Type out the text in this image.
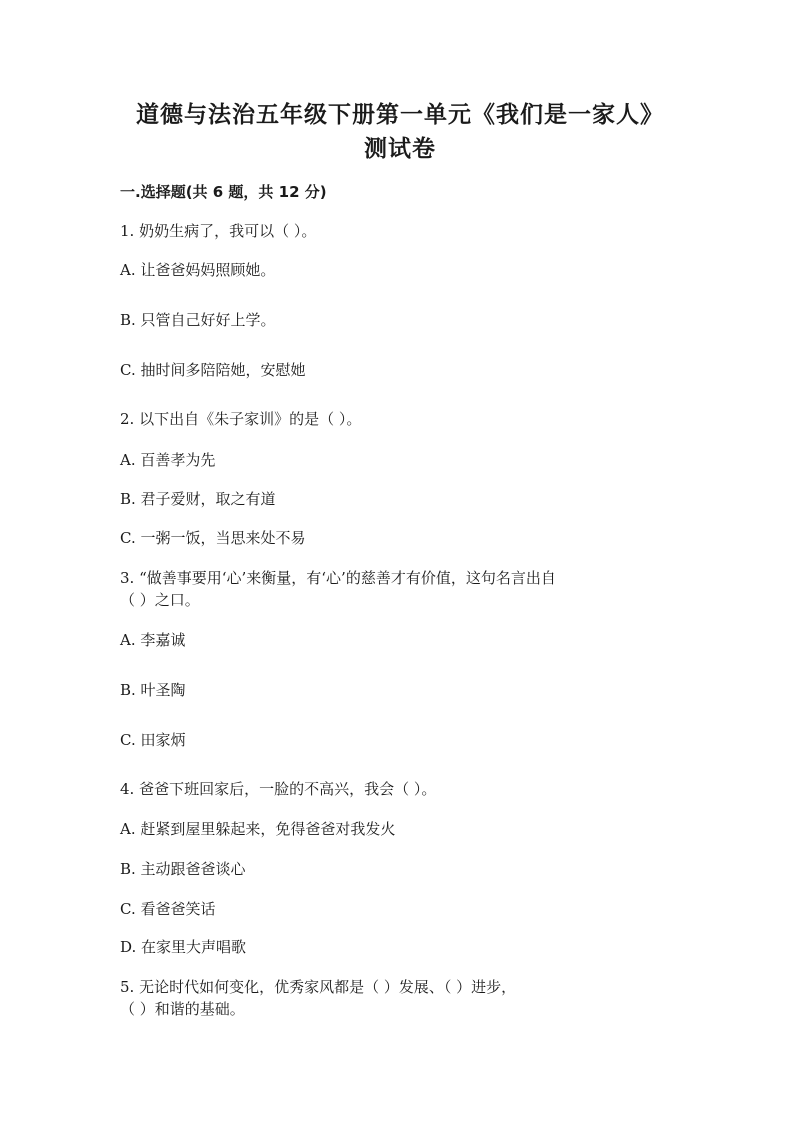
道德与法治五年级下册第一单元《我们是一家人》
测试卷
一.选择题(共 6 题，共 12 分)
1. 奶奶生病了，我可以（ ）。
A. 让爸爸妈妈照顾她。
B. 只管自己好好上学。
C. 抽时间多陪陪她，安慰她
2. 以下出自《朱子家训》的是（ ）。
A. 百善孝为先
B. 君子爱财，取之有道
C. 一粥一饭，当思来处不易
3. “做善事要用‘心’来衡量，有‘心’的慈善才有价值，这句名言出自
（ ）之口。
A. 李嘉诚
B. 叶圣陶
C. 田家炳
4. 爸爸下班回家后，一脸的不高兴，我会（ ）。
A. 赶紧到屋里躲起来，免得爸爸对我发火
B. 主动跟爸爸谈心
C. 看爸爸笑话
D. 在家里大声唱歌
5. 无论时代如何变化，优秀家风都是（ ）发展、（ ）进步，
（ ）和谐的基础。
